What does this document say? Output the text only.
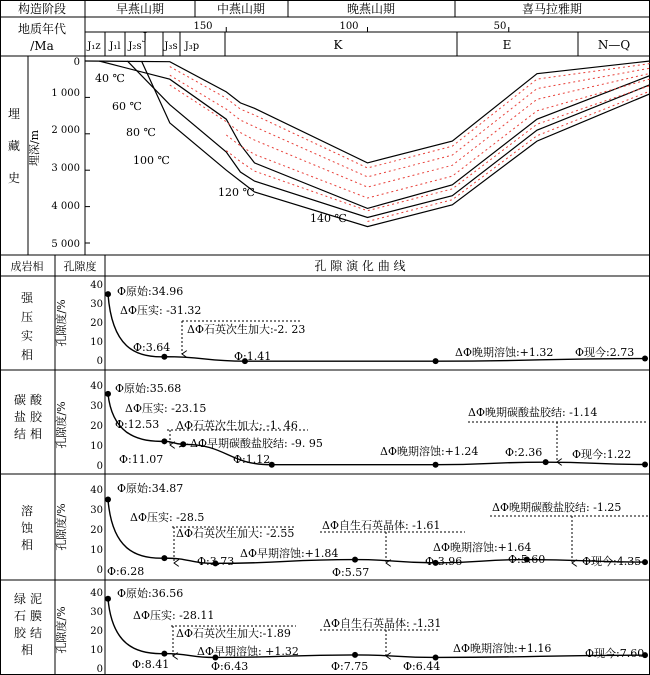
构造阶段	早燕山期	中燕山期	晚燕山期	喜马拉雅期
地质年代
/Ma
150	100	50
J₁z J₁l J₂s
J
J₃s J₃p	K	E	N—Q
埋
藏
史
埋深/m
0
1 000
2 000
3 000
4 000
5 000
40 ℃
60 ℃
80 ℃
100 ℃
120 ℃
140 ℃
成岩相 孔隙度	孔 隙 演 化 曲 线
强
压
实
相
碳 酸
盐 胶
结 相
溶
蚀
相
绿 泥
石 膜
胶 结
相
孔隙度/%
孔隙度/%
孔隙度/%
孔隙度/%
40
30
20
10
0
40
30
20
10
0
40
30
20
10
0
40
30
20
10
0
Φ原始:34.96
ΔΦ压实: -31.32
ΔΦ石英次生加大:-2. 23
Φ:3.64
Φ:1.41	ΔΦ晚期溶蚀:+1.32 Φ现今:2.73
Φ原始:35.68
ΔΦ压实: -23.15
Φ:12.53 ΔΦ石英次生加大: -1. 46
ΔΦ早期碳酸盐胶结: -9. 95
Φ:11.07	Φ:1.12
ΔΦ晚期溶蚀:+1.24
ΔΦ晚期碳酸盐胶结: -1.14
Φ:2.36	Φ现今:1.22
Φ原始:34.87
ΔΦ压实: -28.5
ΔΦ石英次生加大: -2.55
ΔΦ自生石英晶体: -1.61
ΔΦ晚期碳酸盐胶结: -1.25
Φ:6.28
Φ:3.73
ΔΦ早期溶蚀:+1.84
Φ:5.57
Φ:3.96
ΔΦ晚期溶蚀:+1.64
Φ:5.60	Φ现今:4.35
Φ原始:36.56
ΔΦ压实: -28.11
ΔΦ石英次生加大:-1.89
ΔΦ自生石英晶体: -1.31
ΔΦ早期溶蚀: +1.32	ΔΦ晚期溶蚀:+1.16
Φ:8.41	Φ:6.43	Φ:7.75	Φ:6.44
Φ现今:7.60
